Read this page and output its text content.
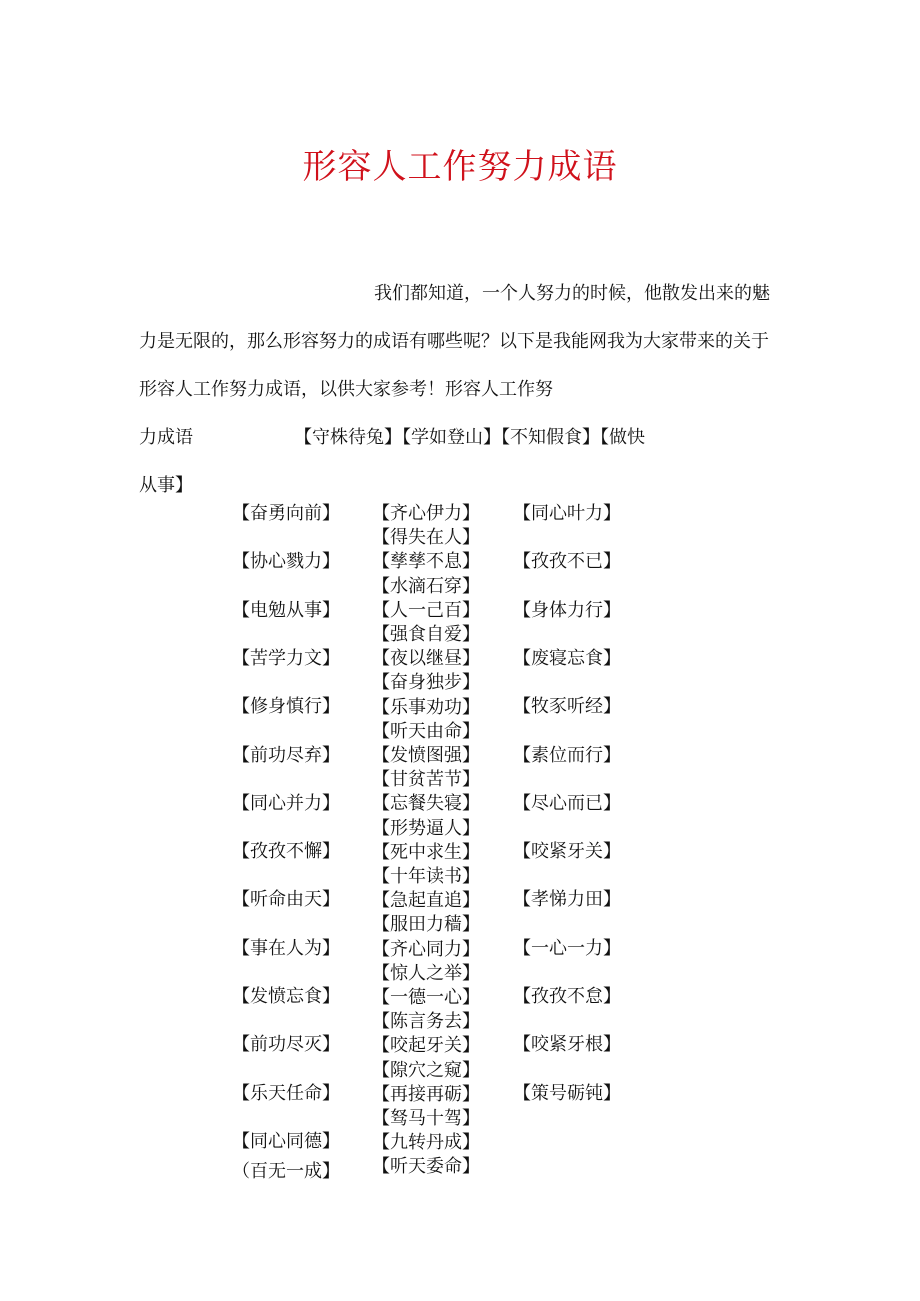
形容人工作努力成语
我们都知道，一个人努力的时候，他散发出来的魅
力是无限的，那么形容努力的成语有哪些呢？以下是我能网我为大家带来的关于
形容人工作努力成语，以供大家参考！形容人工作努
力成语	【守株待兔】【学如登山】【不知假食】【做快
从事】
【奋勇向前】
【协心戮力】
【电勉从事】
【苦学力文】
【修身慎行】
【前功尽弃】
【同心并力】
【孜孜不懈】
【听命由天】
【事在人为】
【发愤忘食】
【前功尽灭】
【乐天任命】
【同心同德】
（百无一成】
【齐心伊力】
【得失在人】
【孳孳不息】
【水滴石穿】
【人一己百】
【强食自爱】
【夜以继昼】
【奋身独步】
【乐事劝功】
【听天由命】
【发愤图强】
【甘贫苦节】
【忘餐失寝】
【形势逼人】
【死中求生】
【十年读书】
【急起直追】
【服田力穑】
【齐心同力】
【惊人之举】
【一德一心】
【陈言务去】
【咬起牙关】
【隙穴之窥】
【再接再砺】
【驽马十驾】
【九转丹成】
【听天委命】
【同心叶力】
【孜孜不已】
【身体力行】
【废寝忘食】
【牧豕听经】
【素位而行】
【尽心而已】
【咬紧牙关】
【孝悌力田】
【一心一力】
【孜孜不怠】
【咬紧牙根】
【策号砺钝】
